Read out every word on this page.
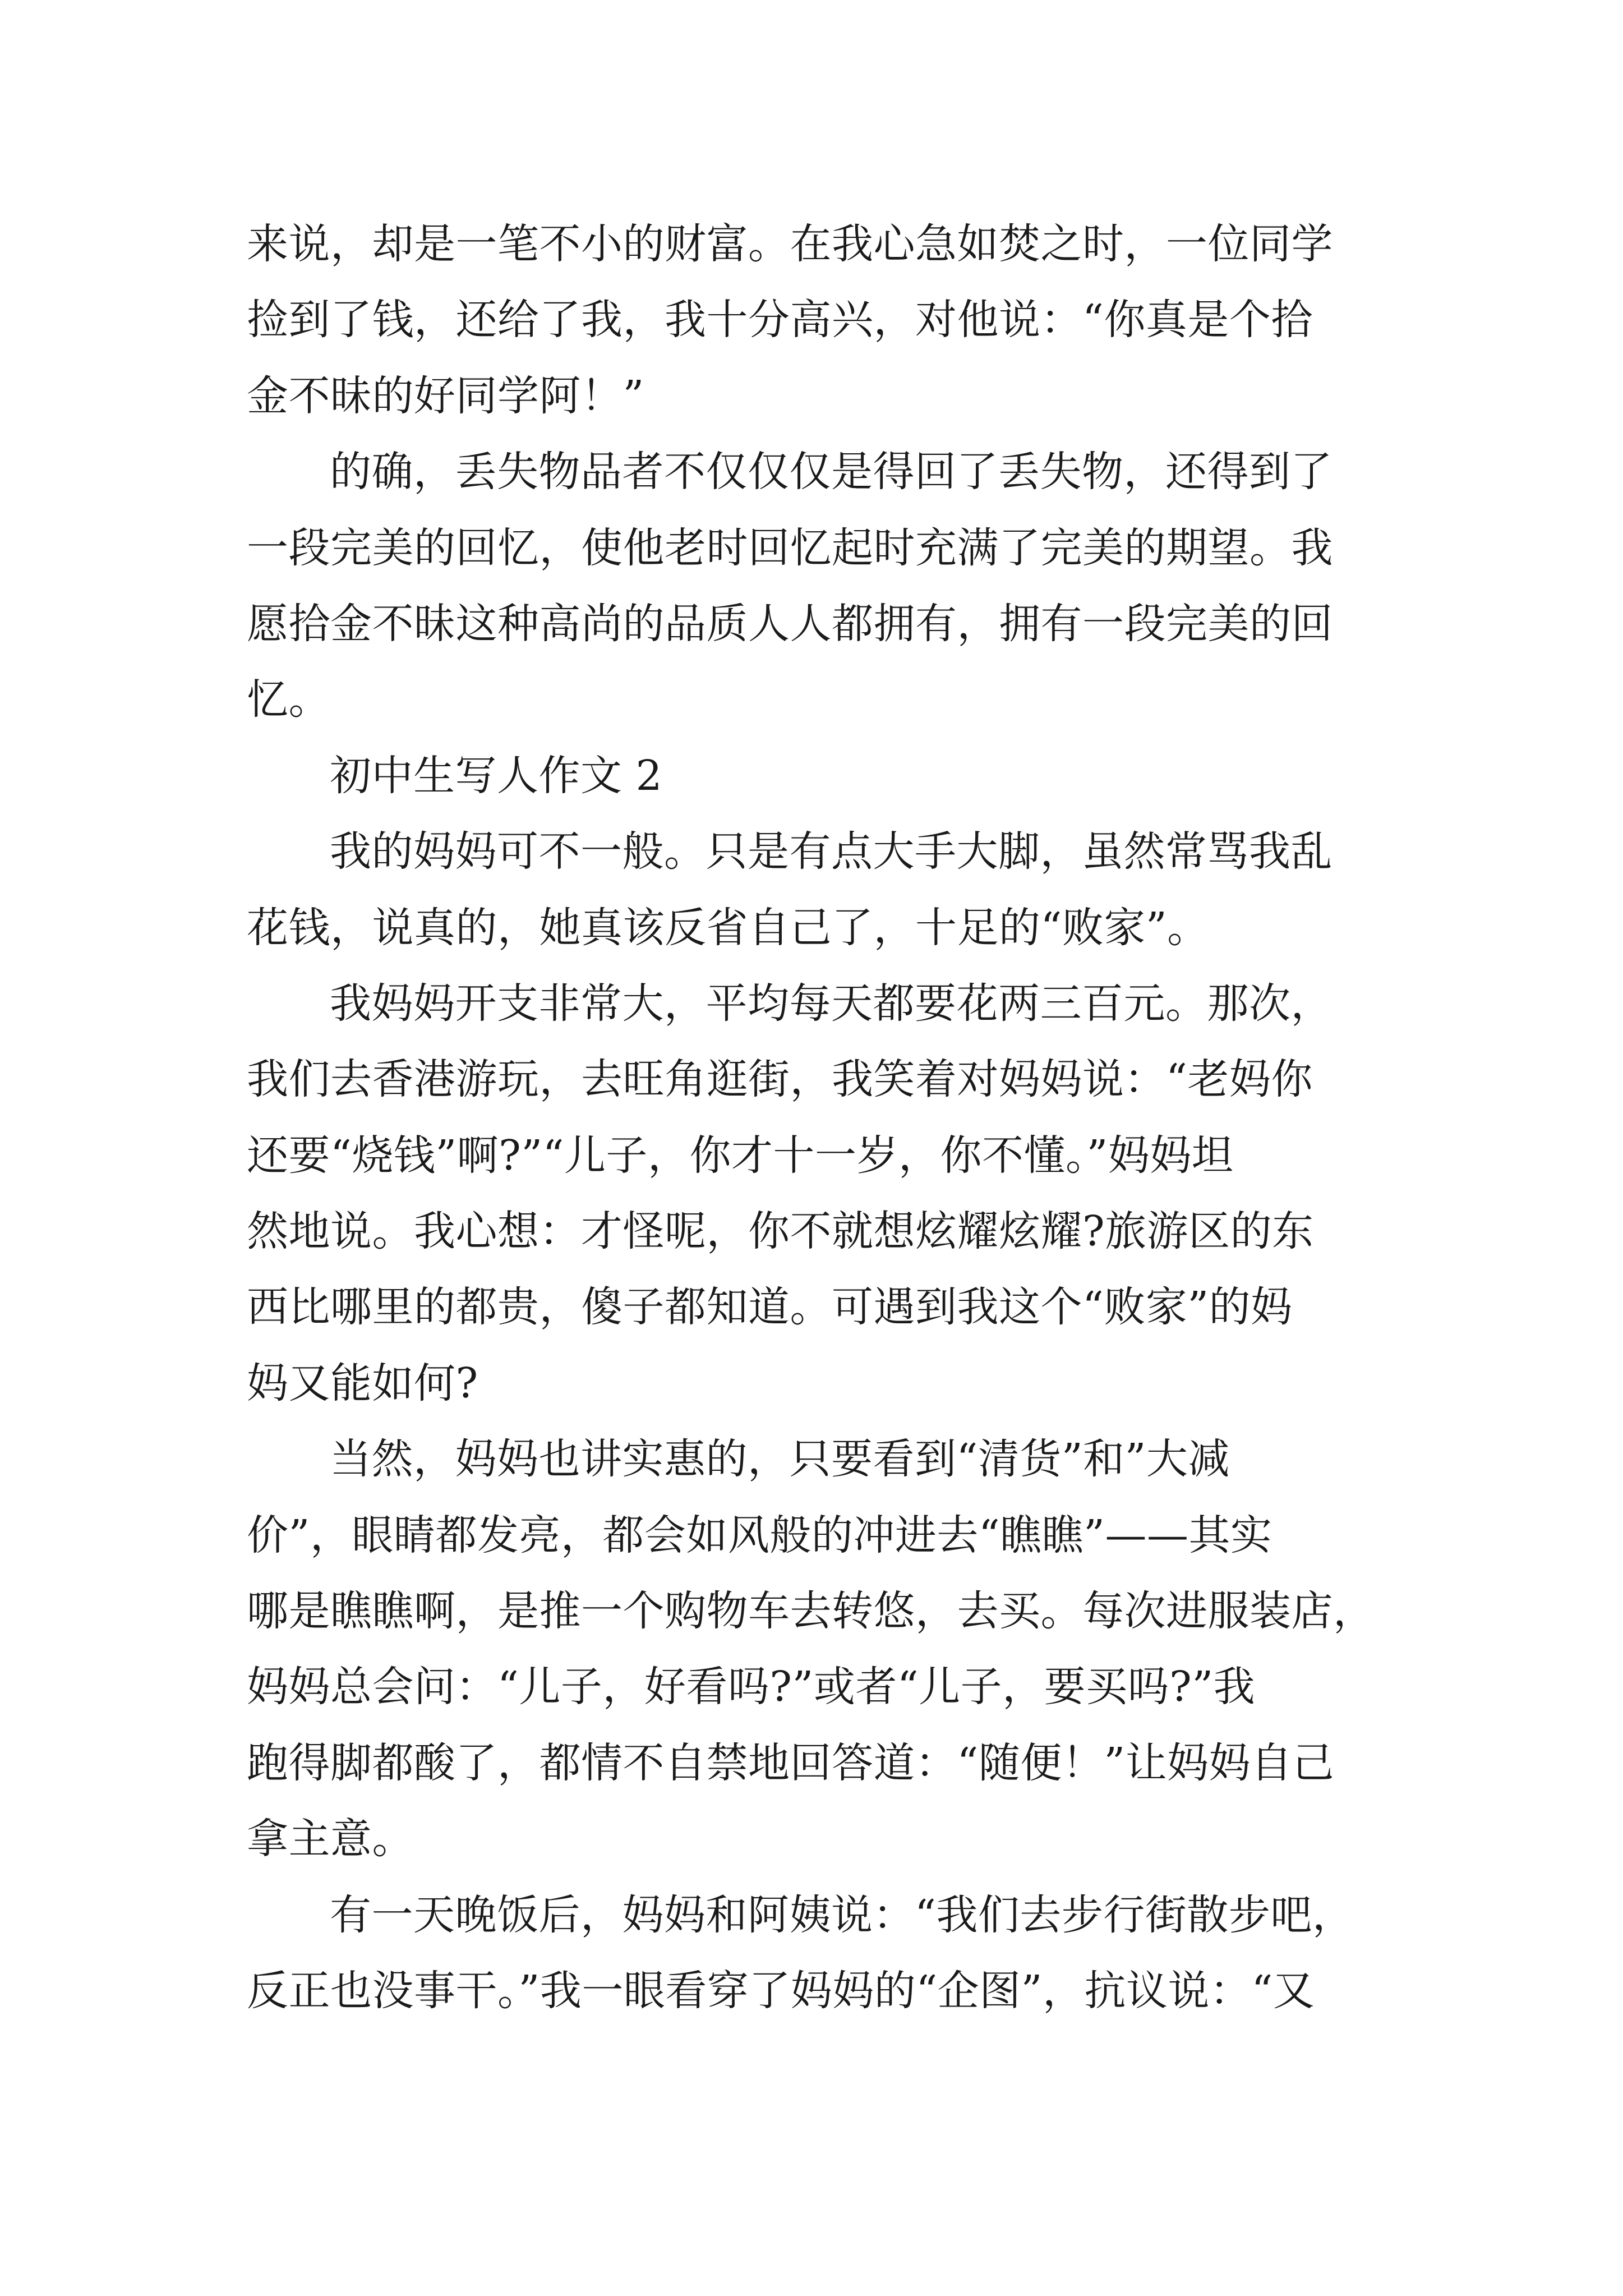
来说，却是一笔不小的财富。在我心急如焚之时，一位同学
捡到了钱，还给了我，我十分高兴，对他说：“你真是个拾
金不昧的好同学阿！”
的确，丢失物品者不仅仅仅是得回了丢失物，还得到了
一段完美的回忆，使他老时回忆起时充满了完美的期望。我
愿拾金不昧这种高尚的品质人人都拥有，拥有一段完美的回
忆。
初中生写人作文 2
我的妈妈可不一般。只是有点大手大脚，虽然常骂我乱
花钱，说真的，她真该反省自己了，十足的“败家”。
我妈妈开支非常大，平均每天都要花两三百元。那次，
我们去香港游玩，去旺角逛街，我笑着对妈妈说：“老妈你
还要“烧钱”啊?”“儿子，你才十一岁，你不懂。”妈妈坦
然地说。我心想：才怪呢，你不就想炫耀炫耀?旅游区的东
西比哪里的都贵，傻子都知道。可遇到我这个“败家”的妈
妈又能如何?
当然，妈妈也讲实惠的，只要看到“清货”和”大减
价”，眼睛都发亮，都会如风般的冲进去“瞧瞧”——其实
哪是瞧瞧啊，是推一个购物车去转悠，去买。每次进服装店，
妈妈总会问：“儿子，好看吗?”或者“儿子，要买吗?”我
跑得脚都酸了，都情不自禁地回答道：“随便！”让妈妈自己
拿主意。
有一天晚饭后，妈妈和阿姨说：“我们去步行街散步吧，
反正也没事干。”我一眼看穿了妈妈的“企图”，抗议说：“又
